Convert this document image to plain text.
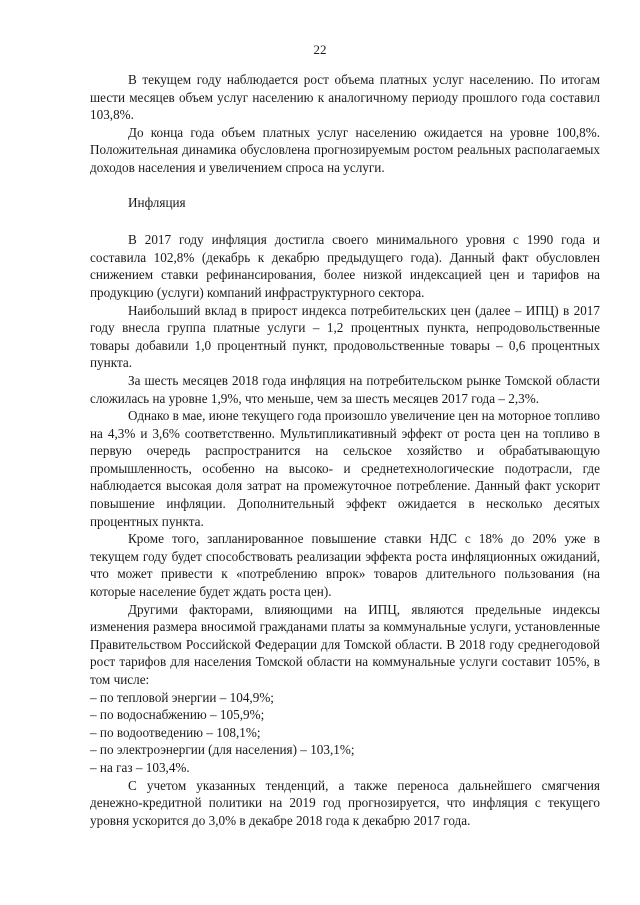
22

В текущем году наблюдается рост объема платных услуг населению. По итогам шести месяцев объем услуг населению к аналогичному периоду прошлого года составил 103,8%.

До конца года объем платных услуг населению ожидается на уровне 100,8%. Положительная динамика обусловлена прогнозируемым ростом реальных располагаемых доходов населения и увеличением спроса на услуги.

Инфляция

В 2017 году инфляция достигла своего минимального уровня с 1990 года и составила 102,8% (декабрь к декабрю предыдущего года). Данный факт обусловлен снижением ставки рефинансирования, более низкой индексацией цен и тарифов на продукцию (услуги) компаний инфраструктурного сектора.

Наибольший вклад в прирост индекса потребительских цен (далее – ИПЦ) в 2017 году внесла группа платные услуги – 1,2 процентных пункта, непродовольственные товары добавили 1,0 процентный пункт, продовольственные товары – 0,6 процентных пункта.

За шесть месяцев 2018 года инфляция на потребительском рынке Томской области сложилась на уровне 1,9%, что меньше, чем за шесть месяцев 2017 года – 2,3%.

Однако в мае, июне текущего года произошло увеличение цен на моторное топливо на 4,3% и 3,6% соответственно. Мультипликативный эффект от роста цен на топливо в первую очередь распространится на сельское хозяйство и обрабатывающую промышленность, особенно на высоко- и среднетехнологические подотрасли, где наблюдается высокая доля затрат на промежуточное потребление. Данный факт ускорит повышение инфляции. Дополнительный эффект ожидается в несколько десятых процентных пункта.

Кроме того, запланированное повышение ставки НДС с 18% до 20% уже в текущем году будет способствовать реализации эффекта роста инфляционных ожиданий, что может привести к «потреблению впрок» товаров длительного пользования (на которые население будет ждать роста цен).

Другими факторами, влияющими на ИПЦ, являются предельные индексы изменения размера вносимой гражданами платы за коммунальные услуги, установленные Правительством Российской Федерации для Томской области. В 2018 году среднегодовой рост тарифов для населения Томской области на коммунальные услуги составит 105%, в том числе:

– по тепловой энергии – 104,9%;

– по водоснабжению – 105,9%;

– по водоотведению – 108,1%;

– по электроэнергии (для населения) – 103,1%;

– на газ – 103,4%.

С учетом указанных тенденций, а также переноса дальнейшего смягчения денежно-кредитной политики на 2019 год прогнозируется, что инфляция с текущего уровня ускорится до 3,0% в декабре 2018 года к декабрю 2017 года.
